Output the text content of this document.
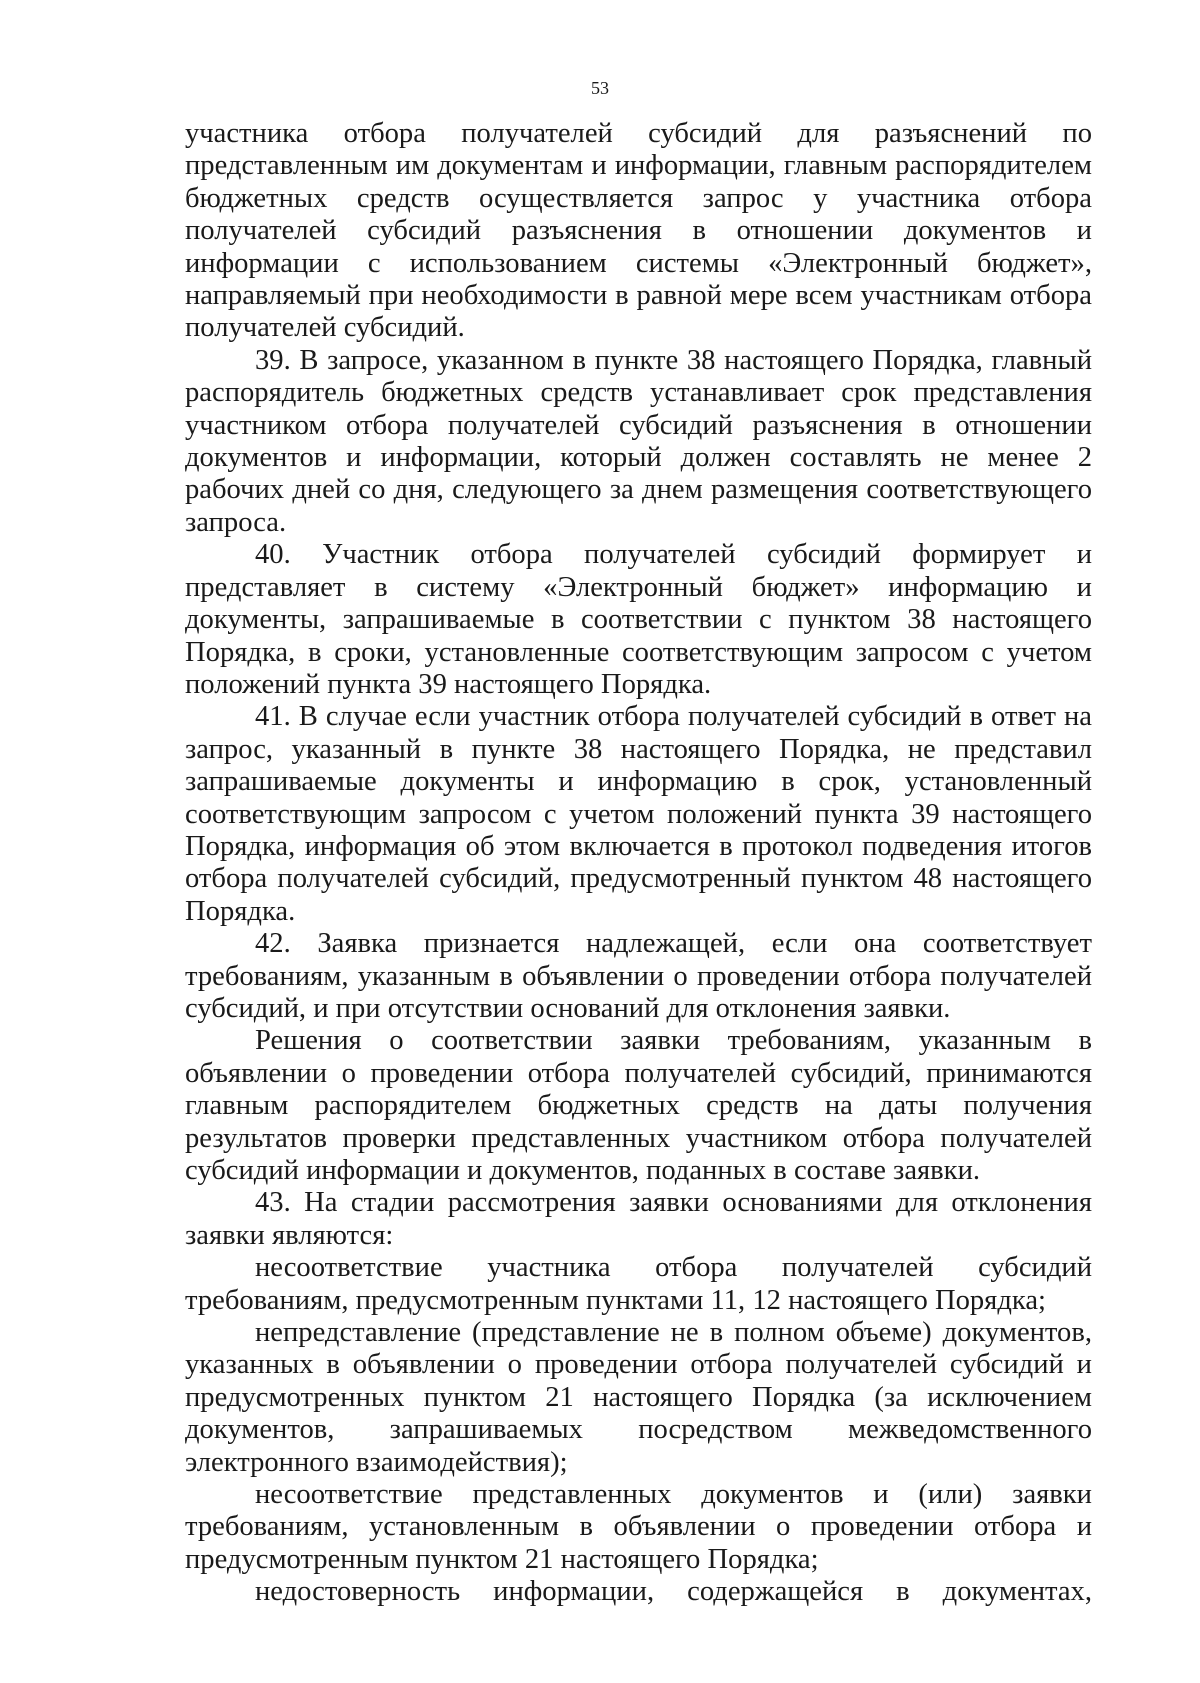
53

участника отбора получателей субсидий для разъяснений по представленным им документам и информации, главным распорядителем бюджетных средств осуществляется запрос у участника отбора получателей субсидий разъяснения в отношении документов и информации с использованием системы «Электронный бюджет», направляемый при необходимости в равной мере всем участникам отбора получателей субсидий.

39. В запросе, указанном в пункте 38 настоящего Порядка, главный распорядитель бюджетных средств устанавливает срок представления участником отбора получателей субсидий разъяснения в отношении документов и информации, который должен составлять не менее 2 рабочих дней со дня, следующего за днем размещения соответствующего запроса.

40. Участник отбора получателей субсидий формирует и представляет в систему «Электронный бюджет» информацию и документы, запрашиваемые в соответствии с пунктом 38 настоящего Порядка, в сроки, установленные соответствующим запросом с учетом положений пункта 39 настоящего Порядка.

41. В случае если участник отбора получателей субсидий в ответ на запрос, указанный в пункте 38 настоящего Порядка, не представил запрашиваемые документы и информацию в срок, установленный соответствующим запросом с учетом положений пункта 39 настоящего Порядка, информация об этом включается в протокол подведения итогов отбора получателей субсидий, предусмотренный пунктом 48 настоящего Порядка.

42. Заявка признается надлежащей, если она соответствует требованиям, указанным в объявлении о проведении отбора получателей субсидий, и при отсутствии оснований для отклонения заявки.

Решения о соответствии заявки требованиям, указанным в объявлении о проведении отбора получателей субсидий, принимаются главным распорядителем бюджетных средств на даты получения результатов проверки представленных участником отбора получателей субсидий информации и документов, поданных в составе заявки.

43. На стадии рассмотрения заявки основаниями для отклонения заявки являются:

несоответствие участника отбора получателей субсидий требованиям, предусмотренным пунктами 11, 12 настоящего Порядка;

непредставление (представление не в полном объеме) документов, указанных в объявлении о проведении отбора получателей субсидий и предусмотренных пунктом 21 настоящего Порядка (за исключением документов, запрашиваемых посредством межведомственного электронного взаимодействия);

несоответствие представленных документов и (или) заявки требованиям, установленным в объявлении о проведении отбора и предусмотренным пунктом 21 настоящего Порядка;

недостоверность информации, содержащейся в документах,
